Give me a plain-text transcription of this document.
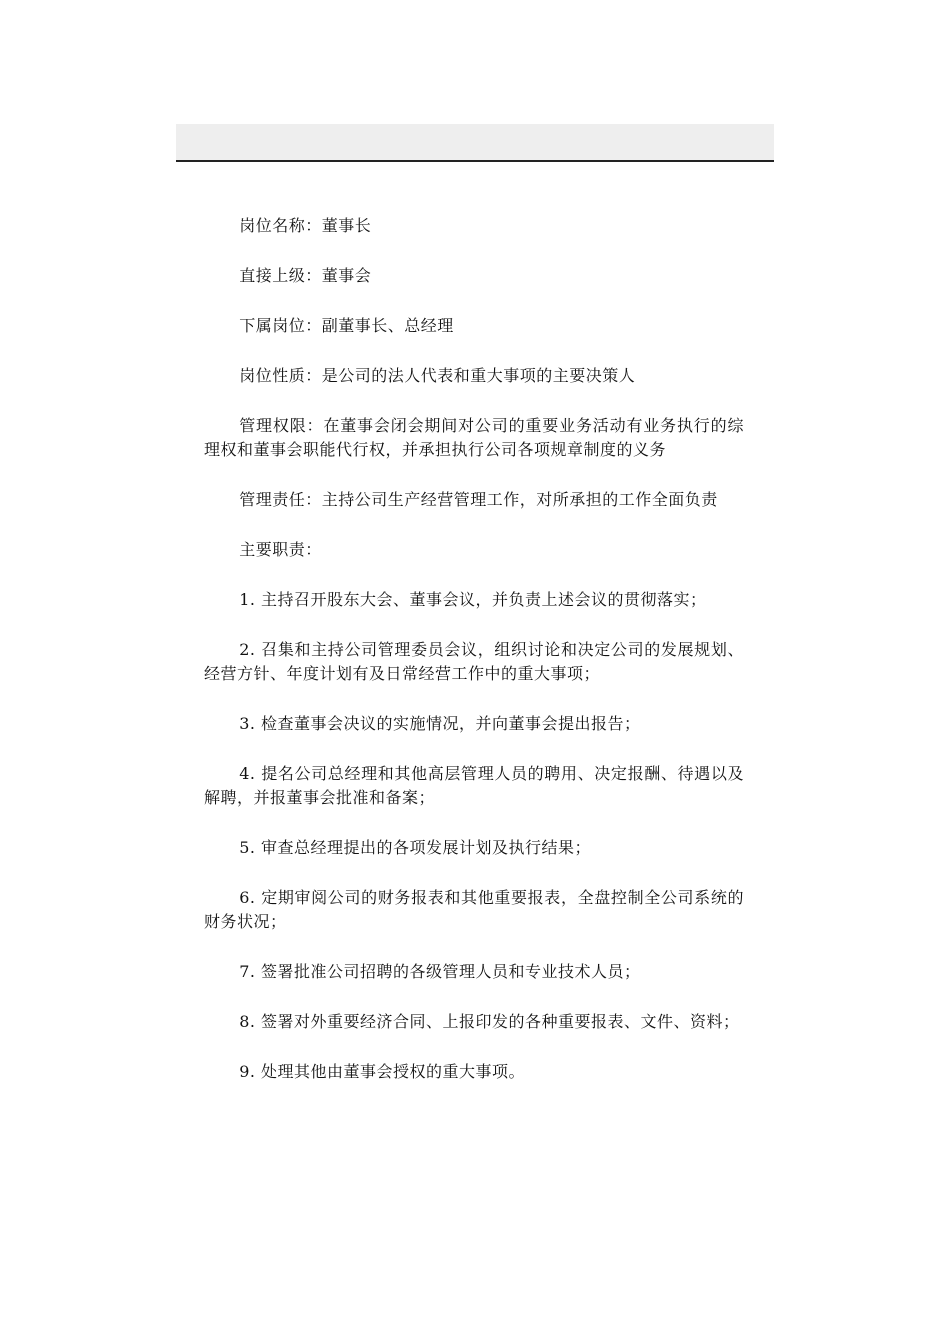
岗位名称：董事长

直接上级：董事会

下属岗位：副董事长、总经理

岗位性质：是公司的法人代表和重大事项的主要决策人

管理权限：在董事会闭会期间对公司的重要业务活动有业务执行的综理权和董事会职能代行权，并承担执行公司各项规章制度的义务

管理责任：主持公司生产经营管理工作，对所承担的工作全面负责

主要职责：

1. 主持召开股东大会、董事会议，并负责上述会议的贯彻落实；

2. 召集和主持公司管理委员会议，组织讨论和决定公司的发展规划、经营方针、年度计划有及日常经营工作中的重大事项；

3. 检查董事会决议的实施情况，并向董事会提出报告；

4. 提名公司总经理和其他高层管理人员的聘用、决定报酬、待遇以及解聘，并报董事会批准和备案；

5. 审查总经理提出的各项发展计划及执行结果；

6. 定期审阅公司的财务报表和其他重要报表，全盘控制全公司系统的财务状况；

7. 签署批准公司招聘的各级管理人员和专业技术人员；

8. 签署对外重要经济合同、上报印发的各种重要报表、文件、资料；

9. 处理其他由董事会授权的重大事项。
